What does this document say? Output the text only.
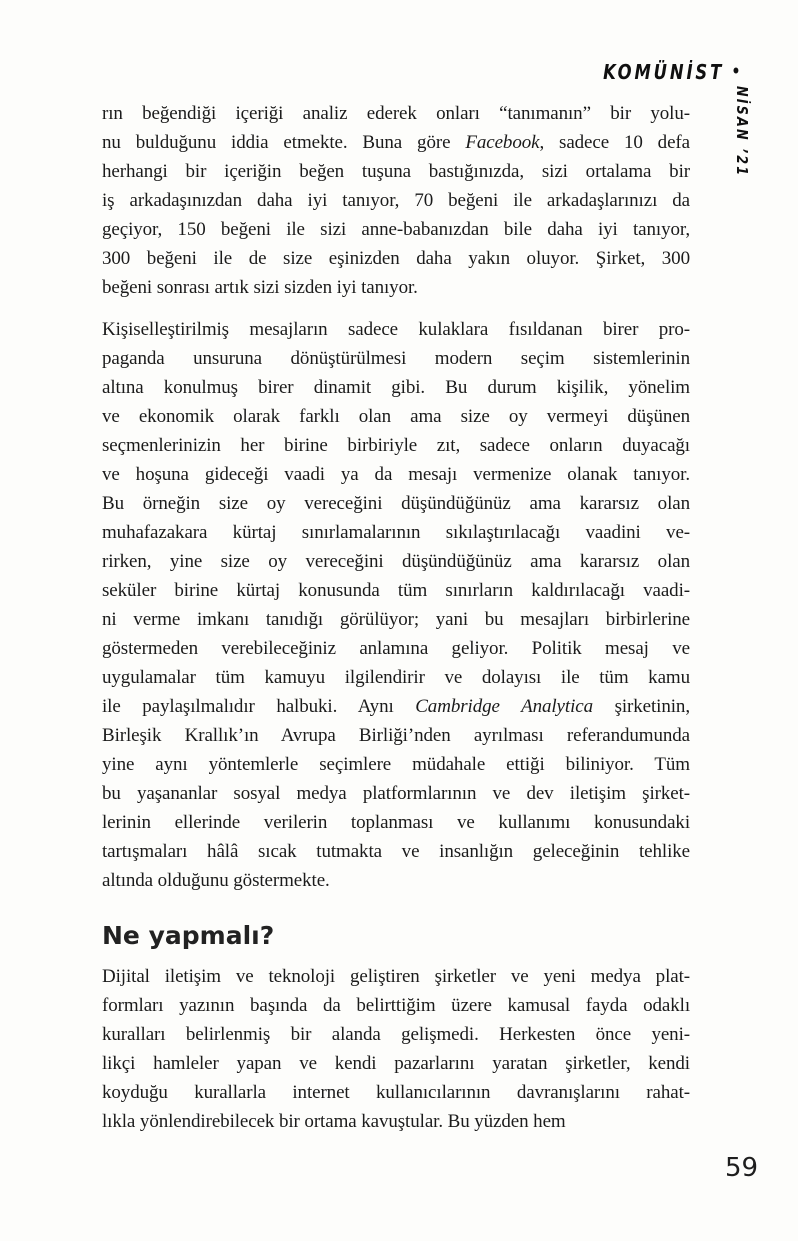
KOMÜNİST •
NİSAN ’21
rın beğendiği içeriği analiz ederek onları “tanımanın” bir yolu-
nu bulduğunu iddia etmekte. Buna göre Facebook, sadece 10 defa
herhangi bir içeriğin beğen tuşuna bastığınızda, sizi ortalama bir
iş arkadaşınızdan daha iyi tanıyor, 70 beğeni ile arkadaşlarınızı da
geçiyor, 150 beğeni ile sizi anne-babanızdan bile daha iyi tanıyor,
300 beğeni ile de size eşinizden daha yakın oluyor. Şirket, 300
beğeni sonrası artık sizi sizden iyi tanıyor.
Kişiselleştirilmiş mesajların sadece kulaklara fısıldanan birer pro-
paganda unsuruna dönüştürülmesi modern seçim sistemlerinin
altına konulmuş birer dinamit gibi. Bu durum kişilik, yönelim
ve ekonomik olarak farklı olan ama size oy vermeyi düşünen
seçmenlerinizin her birine birbiriyle zıt, sadece onların duyacağı
ve hoşuna gideceği vaadi ya da mesajı vermenize olanak tanıyor.
Bu örneğin size oy vereceğini düşündüğünüz ama kararsız olan
muhafazakara kürtaj sınırlamalarının sıkılaştırılacağı vaadini ve-
rirken, yine size oy vereceğini düşündüğünüz ama kararsız olan
seküler birine kürtaj konusunda tüm sınırların kaldırılacağı vaadi-
ni verme imkanı tanıdığı görülüyor; yani bu mesajları birbirlerine
göstermeden verebileceğiniz anlamına geliyor. Politik mesaj ve
uygulamalar tüm kamuyu ilgilendirir ve dolayısı ile tüm kamu
ile paylaşılmalıdır halbuki. Aynı Cambridge Analytica şirketinin,
Birleşik Krallık’ın Avrupa Birliği’nden ayrılması referandumunda
yine aynı yöntemlerle seçimlere müdahale ettiği biliniyor. Tüm
bu yaşananlar sosyal medya platformlarının ve dev iletişim şirket-
lerinin ellerinde verilerin toplanması ve kullanımı konusundaki
tartışmaları hâlâ sıcak tutmakta ve insanlığın geleceğinin tehlike
altında olduğunu göstermekte.
Ne yapmalı?
Dijital iletişim ve teknoloji geliştiren şirketler ve yeni medya plat-
formları yazının başında da belirttiğim üzere kamusal fayda odaklı
kuralları belirlenmiş bir alanda gelişmedi. Herkesten önce yeni-
likçi hamleler yapan ve kendi pazarlarını yaratan şirketler, kendi
koyduğu kurallarla internet kullanıcılarının davranışlarını rahat-
lıkla yönlendirebilecek bir ortama kavuştular. Bu yüzden hem
59
